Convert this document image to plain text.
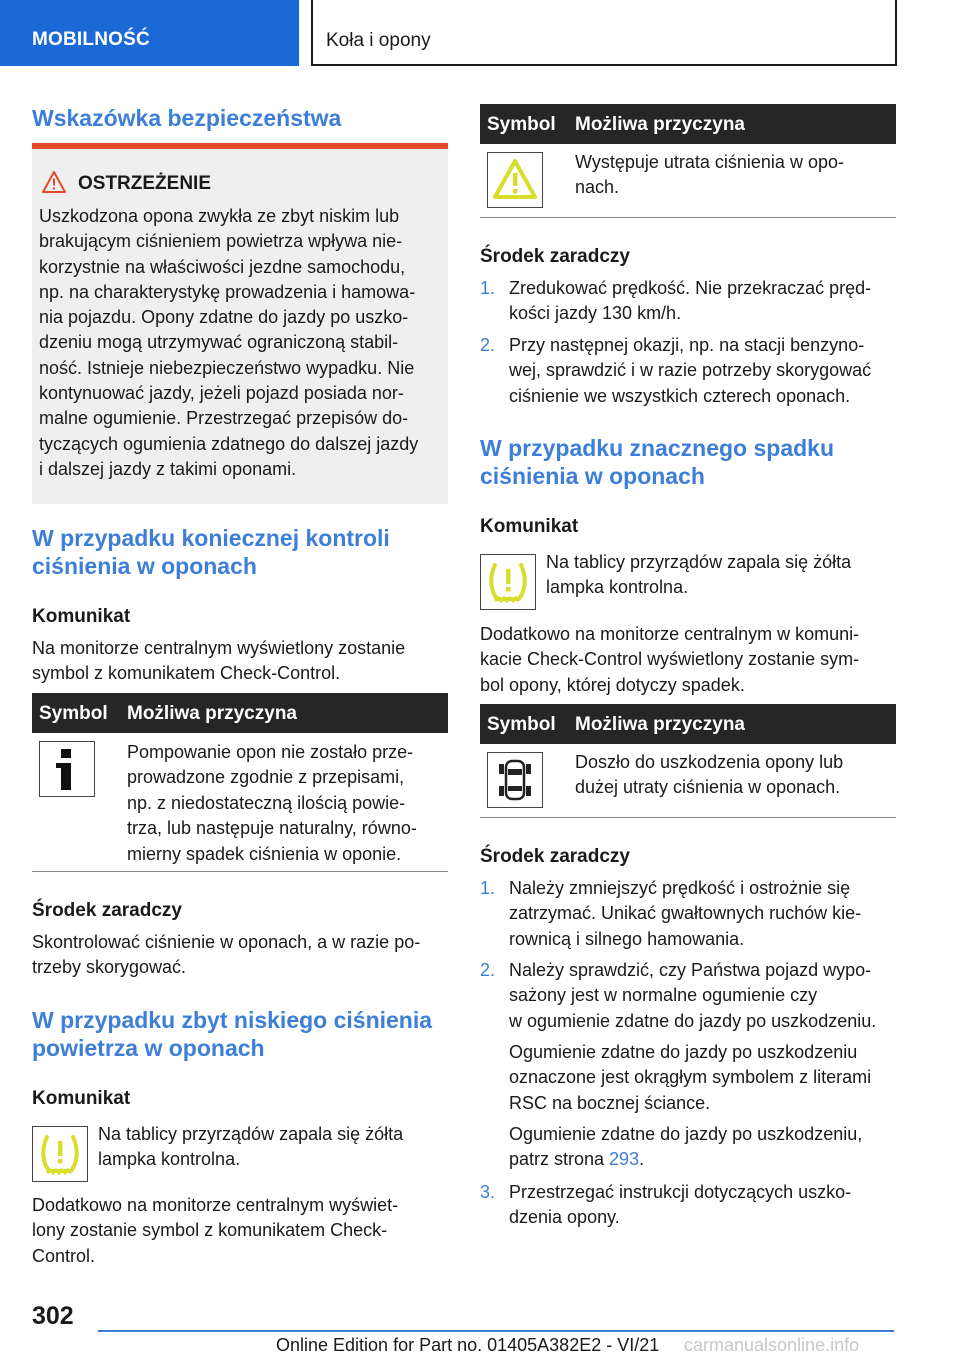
MOBILNOŚĆ	Koła i opony
Wskazówka bezpieczeństwa
OSTRZEŻENIE
Uszkodzona opona zwykła ze zbyt niskim lub
brakującym ciśnieniem powietrza wpływa nie-
korzystnie na właściwości jezdne samochodu,
np. na charakterystykę prowadzenia i hamowa-
nia pojazdu. Opony zdatne do jazdy po uszko-
dzeniu mogą utrzymywać ograniczoną stabil-
ność. Istnieje niebezpieczeństwo wypadku. Nie
kontynuować jazdy, jeżeli pojazd posiada nor-
malne ogumienie. Przestrzegać przepisów do-
tyczących ogumienia zdatnego do dalszej jazdy
i dalszej jazdy z takimi oponami.
W przypadku koniecznej kontroli
ciśnienia w oponach
Komunikat
Na monitorze centralnym wyświetlony zostanie
symbol z komunikatem Check-Control.
Symbol Możliwa przyczyna
Pompowanie opon nie zostało prze-
prowadzone zgodnie z przepisami,
np. z niedostateczną ilością powie-
trza, lub następuje naturalny, równo-
mierny spadek ciśnienia w oponie.
Środek zaradczy
Skontrolować ciśnienie w oponach, a w razie po-
trzeby skorygować.
W przypadku zbyt niskiego ciśnienia
powietrza w oponach
Komunikat
Na tablicy przyrządów zapala się żółta
lampka kontrolna.
Dodatkowo na monitorze centralnym wyświet-
lony zostanie symbol z komunikatem Check-
Control.
Symbol Możliwa przyczyna
Występuje utrata ciśnienia w opo-
nach.
Środek zaradczy
1. Zredukować prędkość. Nie przekraczać pręd-
kości jazdy 130 km/h.
2. Przy następnej okazji, np. na stacji benzyno-
wej, sprawdzić i w razie potrzeby skorygować
ciśnienie we wszystkich czterech oponach.
W przypadku znacznego spadku
ciśnienia w oponach
Komunikat
Na tablicy przyrządów zapala się żółta
lampka kontrolna.
Dodatkowo na monitorze centralnym w komuni-
kacie Check-Control wyświetlony zostanie sym-
bol opony, której dotyczy spadek.
Symbol Możliwa przyczyna
Doszło do uszkodzenia opony lub
dużej utraty ciśnienia w oponach.
Środek zaradczy
1. Należy zmniejszyć prędkość i ostrożnie się
zatrzymać. Unikać gwałtownych ruchów kie-
rownicą i silnego hamowania.
2. Należy sprawdzić, czy Państwa pojazd wypo-
sażony jest w normalne ogumienie czy
w ogumienie zdatne do jazdy po uszkodzeniu.
Ogumienie zdatne do jazdy po uszkodzeniu
oznaczone jest okrągłym symbolem z literami
RSC na bocznej ściance.
Ogumienie zdatne do jazdy po uszkodzeniu,
patrz strona 293.
3. Przestrzegać instrukcji dotyczących uszko-
dzenia opony.
302
Online Edition for Part no. 01405A382E2 - VI/21 carmanualsonline.info
